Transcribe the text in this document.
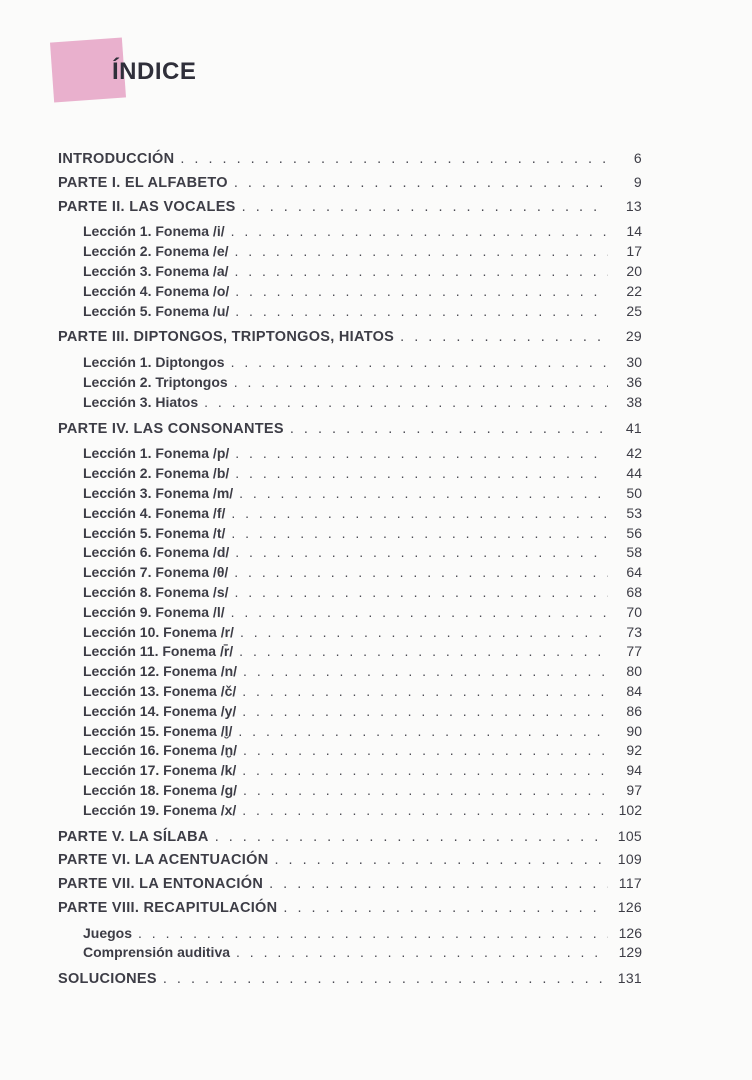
ÍNDICE
INTRODUCCIÓN . . .	6
PARTE I. EL ALFABETO . . .	9
PARTE II. LAS VOCALES . . .	13
Lección 1. Fonema /i/ . . .	14
Lección 2. Fonema /e/ . . .	17
Lección 3. Fonema /a/ . . .	20
Lección 4. Fonema /o/ . . .	22
Lección 5. Fonema /u/ . . .	25
PARTE III. DIPTONGOS, TRIPTONGOS, HIATOS . . .	29
Lección 1. Diptongos . . .	30
Lección 2. Triptongos . . .	36
Lección 3. Hiatos . . .	38
PARTE IV. LAS CONSONANTES . . .	41
Lección 1. Fonema /p/ . . .	42
Lección 2. Fonema /b/ . . .	44
Lección 3. Fonema /m/ . . .	50
Lección 4. Fonema /f/ . . .	53
Lección 5. Fonema /t/ . . .	56
Lección 6. Fonema /d/ . . .	58
Lección 7. Fonema /θ/ . . .	64
Lección 8. Fonema /s/ . . .	68
Lección 9. Fonema /l/ . . .	70
Lección 10. Fonema /r/ . . .	73
Lección 11. Fonema /r̄/ . . .	77
Lección 12. Fonema /n/ . . .	80
Lección 13. Fonema /č/ . . .	84
Lección 14. Fonema /y/ . . .	86
Lección 15. Fonema /l̮/ . . .	90
Lección 16. Fonema /n̮/ . . .	92
Lección 17. Fonema /k/ . . .	94
Lección 18. Fonema /g/ . . .	97
Lección 19. Fonema /x/ . . .	102
PARTE V. LA SÍLABA . . .	105
PARTE VI. LA ACENTUACIÓN . . .	109
PARTE VII. LA ENTONACIÓN . . .	117
PARTE VIII. RECAPITULACIÓN . . .	126
Juegos . . .	126
Comprensión auditiva . . .	129
SOLUCIONES . . .	131
